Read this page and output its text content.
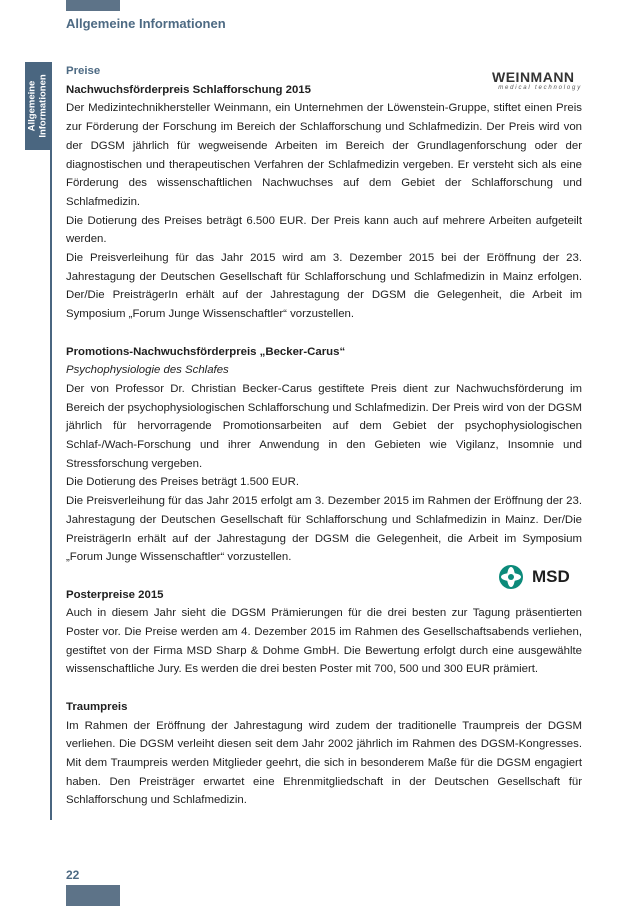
Allgemeine Informationen
Allgemeine Informationen	WEINMANN
medical technology
Preise
Nachwuchsförderpreis Schlafforschung 2015

Der Medizintechnikhersteller Weinmann, ein Unternehmen der Löwenstein-Gruppe, stiftet einen Preis zur Förderung der Forschung im Bereich der Schlafforschung und Schlafmedizin. Der Preis wird von der DGSM jährlich für wegweisende Arbeiten im Bereich der Grundlagenforschung oder der diagnostischen und therapeutischen Verfahren der Schlafmedizin vergeben. Er versteht sich als eine Förderung des wissenschaftlichen Nachwuchses auf dem Gebiet der Schlafforschung und Schlafmedizin.

Die Dotierung des Preises beträgt 6.500 EUR. Der Preis kann auch auf mehrere Arbeiten aufgeteilt werden.

Die Preisverleihung für das Jahr 2015 wird am 3. Dezember 2015 bei der Eröffnung der 23. Jahrestagung der Deutschen Gesellschaft für Schlafforschung und Schlafmedizin in Mainz erfolgen. Der/Die PreisträgerIn erhält auf der Jahrestagung der DGSM die Gelegenheit, die Arbeit im Symposium „Forum Junge Wissenschaftler“ vorzustellen.

Promotions-Nachwuchsförderpreis „Becker-Carus“
Psychophysiologie des Schlafes

Der von Professor Dr. Christian Becker-Carus gestiftete Preis dient zur Nachwuchsförderung im Bereich der psychophysiologischen Schlafforschung und Schlafmedizin. Der Preis wird von der DGSM jährlich für hervorragende Promotionsarbeiten auf dem Gebiet der psychophysiologischen Schlaf-/Wach-Forschung und ihrer Anwendung in den Gebieten wie Vigilanz, Insomnie und Stressforschung vergeben.

Die Dotierung des Preises beträgt 1.500 EUR.

Die Preisverleihung für das Jahr 2015 erfolgt am 3. Dezember 2015 im Rahmen der Eröffnung der 23. Jahrestagung der Deutschen Gesellschaft für Schlafforschung und Schlafmedizin in Mainz. Der/Die PreisträgerIn erhält auf der Jahrestagung der DGSM die Gelegenheit, die Arbeit im Symposium „Forum Junge Wissenschaftler“ vorzustellen.

Posterpreise 2015

Auch in diesem Jahr sieht die DGSM Prämierungen für die drei besten zur Tagung präsentierten Poster vor. Die Preise werden am 4. Dezember 2015 im Rahmen des Gesellschaftsabends verliehen, gestiftet von der Firma MSD Sharp & Dohme GmbH. Die Bewertung erfolgt durch eine ausgewählte wissenschaftliche Jury. Es werden die drei besten Poster mit 700, 500 und 300 EUR prämiert.

MSD
Traumpreis

Im Rahmen der Eröffnung der Jahrestagung wird zudem der traditionelle Traumpreis der DGSM verliehen. Die DGSM verleiht diesen seit dem Jahr 2002 jährlich im Rahmen des DGSM-Kongresses. Mit dem Traumpreis werden Mitglieder geehrt, die sich in besonderem Maße für die DGSM engagiert haben. Den Preisträger erwartet eine Ehrenmitgliedschaft in der Deutschen Gesellschaft für Schlafforschung und Schlafmedizin.

22
